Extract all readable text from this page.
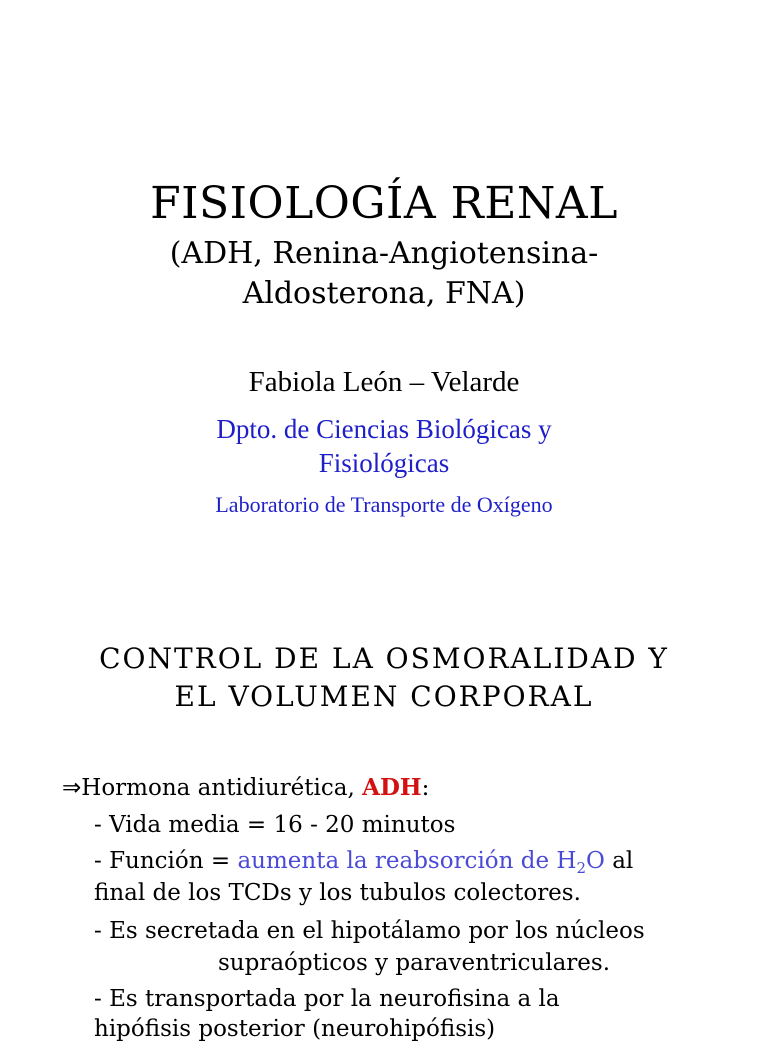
FISIOLOGÍA RENAL
(ADH, Renina-Angiotensina-
Aldosterona, FNA)
Fabiola León – Velarde
Dpto. de Ciencias Biológicas y
Fisiológicas
Laboratorio de Transporte de Oxígeno
CONTROL DE LA OSMORALIDAD Y
EL VOLUMEN CORPORAL
⇒Hormona antidiurética, ADH:
- Vida media = 16 - 20 minutos
- Función = aumenta la reabsorción de $H_2O$ al
final de los TCDs y los tubulos colectores.
- Es secretada en el hipotálamo por los núcleos
supraópticos y paraventriculares.
- Es transportada por la neurofisina a la
hipófisis posterior (neurohipófisis)
